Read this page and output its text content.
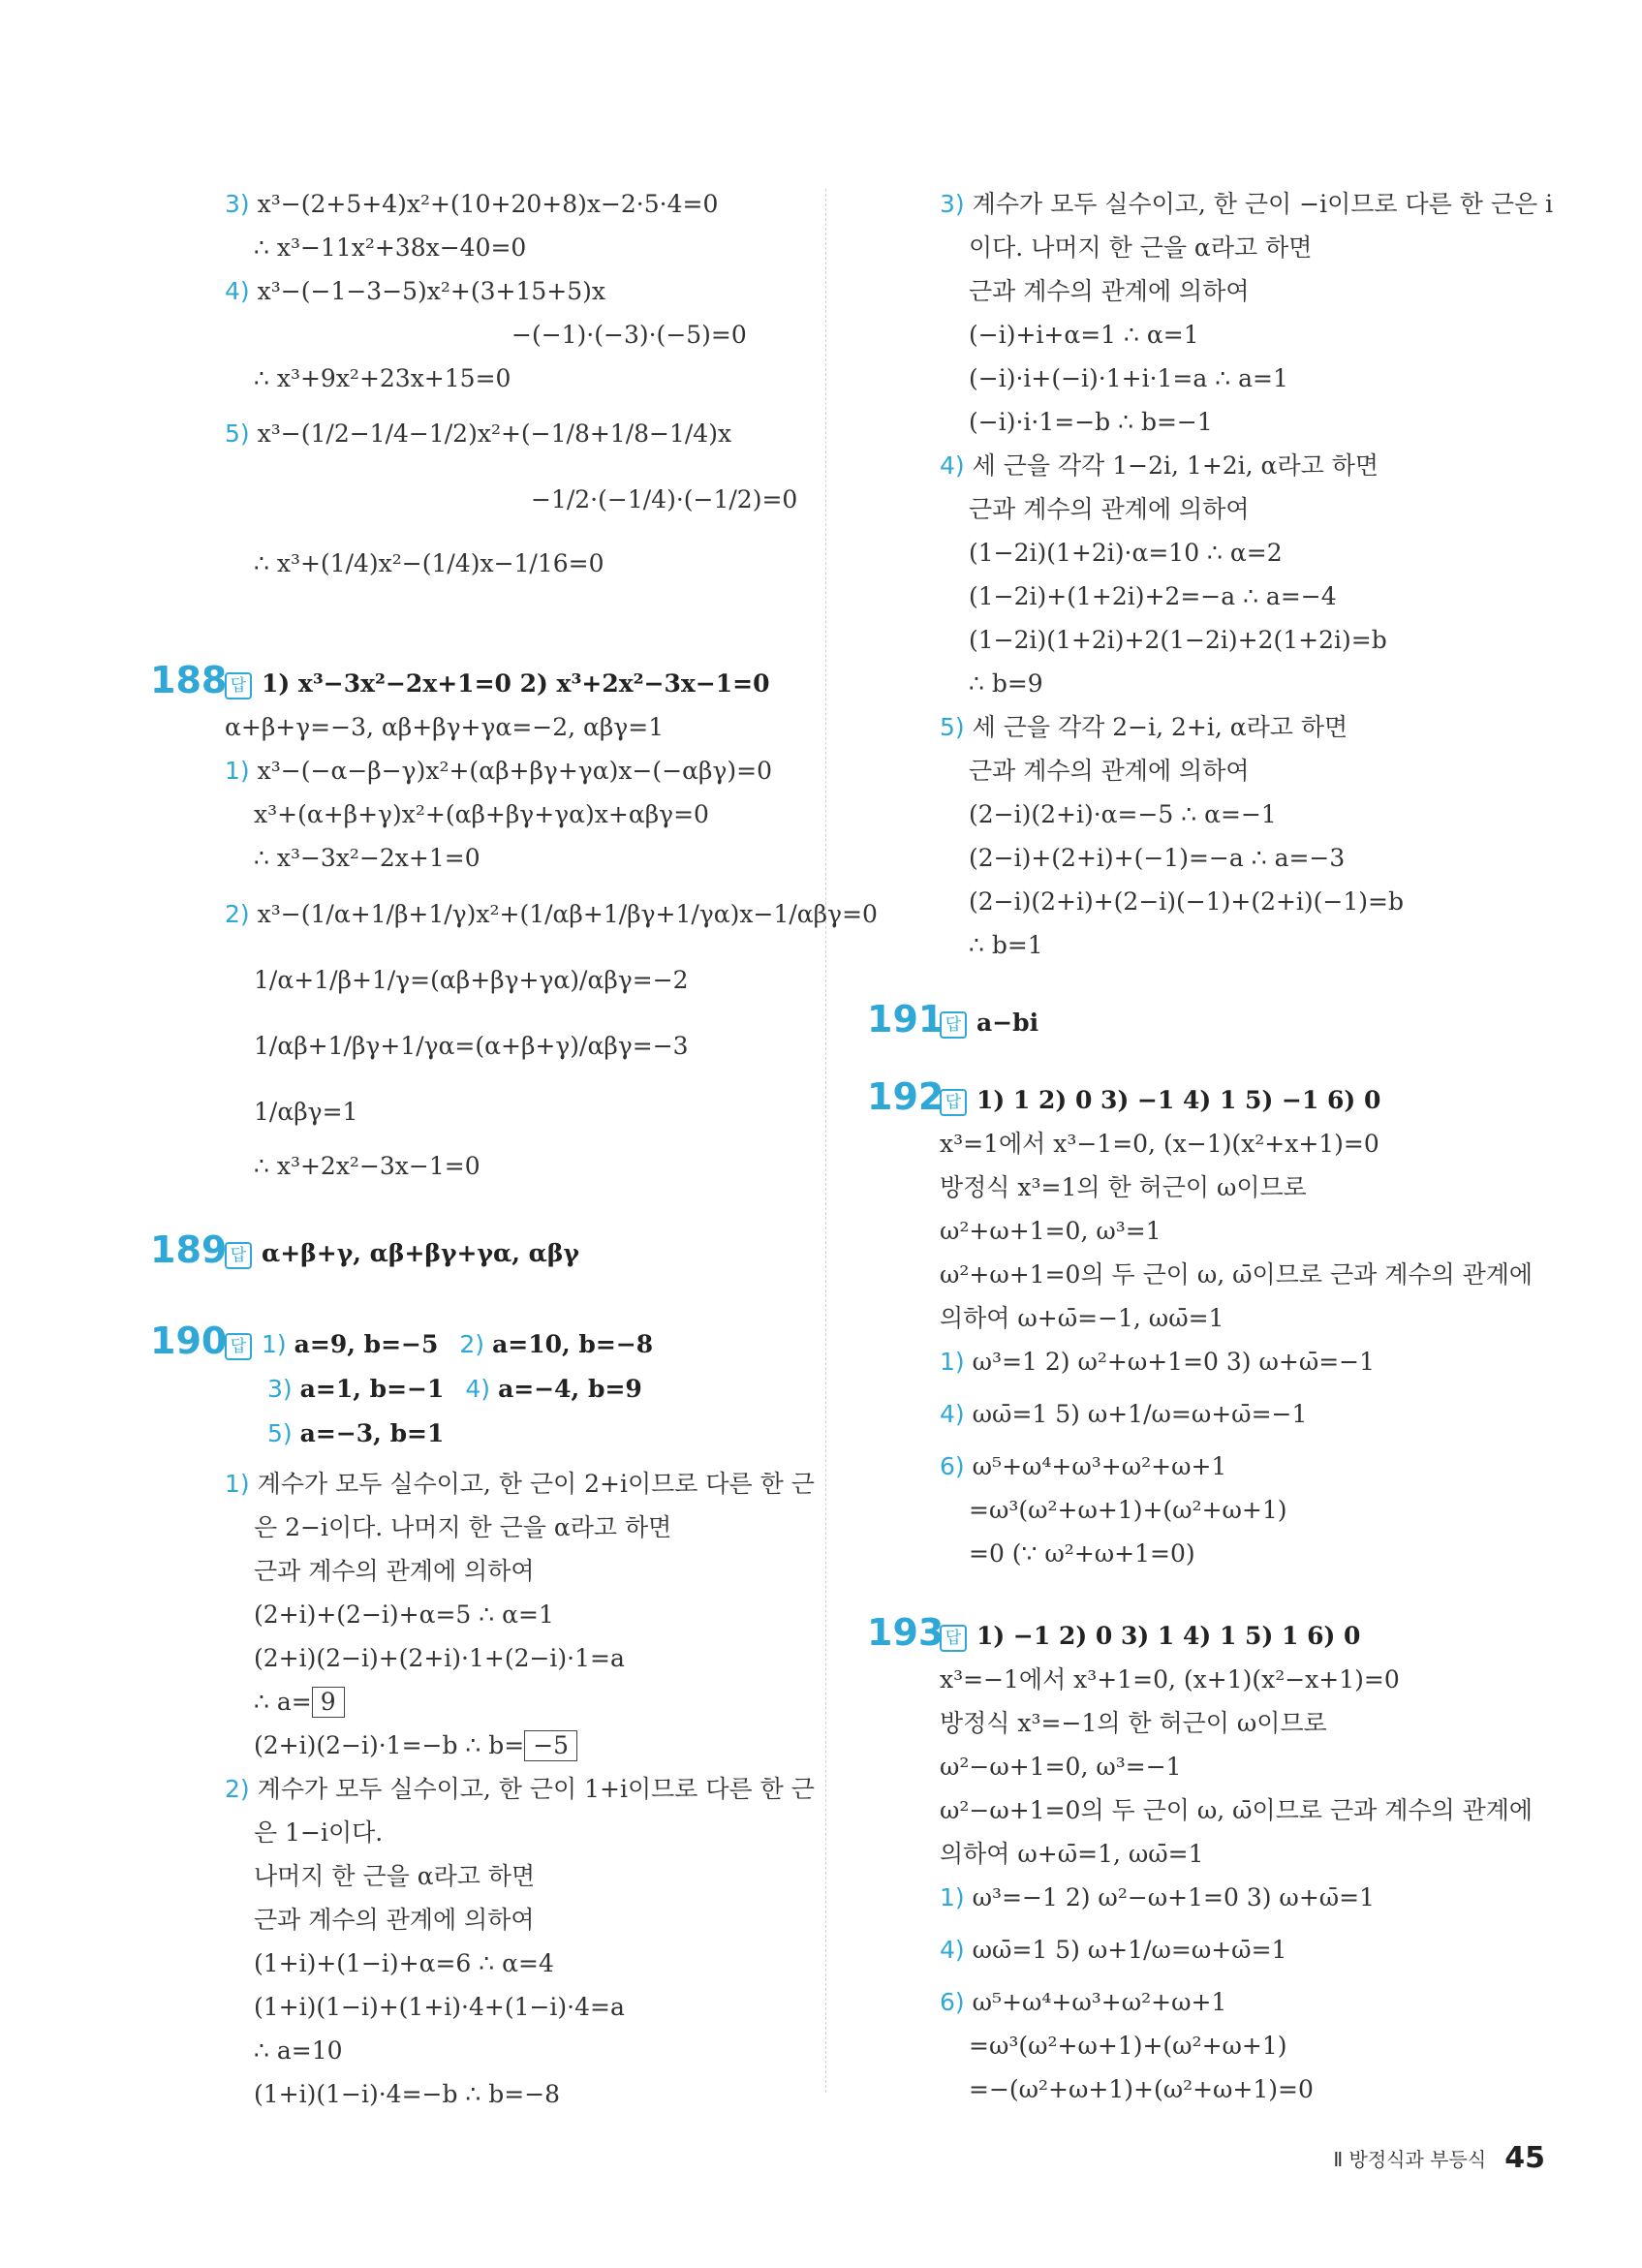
3) x³−(2+5+4)x²+(10+20+8)x−2·5·4=0
∴ x³−11x²+38x−40=0
4) x³−(−1−3−5)x²+(3+15+5)x
−(−1)·(−3)·(−5)=0
∴ x³+9x²+23x+15=0
5) x³−(1/2−1/4−1/2)x²+(−1/8+1/8−1/4)x
−1/2·(−1/4)·(−1/2)=0
∴ x³+(1/4)x²−(1/4)x−1/16=0
188 답 1) x³−3x²−2x+1=0 2) x³+2x²−3x−1=0
α+β+γ=−3, αβ+βγ+γα=−2, αβγ=1
1) x³−(−α−β−γ)x²+(αβ+βγ+γα)x−(−αβγ)=0
x³+(α+β+γ)x²+(αβ+βγ+γα)x+αβγ=0
∴ x³−3x²−2x+1=0
2) x³−(1/α+1/β+1/γ)x²+(1/αβ+1/βγ+1/γα)x−1/αβγ=0
1/α+1/β+1/γ=(αβ+βγ+γα)/αβγ=−2
1/αβ+1/βγ+1/γα=(α+β+γ)/αβγ=−3
1/αβγ=1
∴ x³+2x²−3x−1=0
189 답 α+β+γ, αβ+βγ+γα, αβγ
190 답 1) a=9, b=−5 2) a=10, b=−8
3) a=1, b=−1 4) a=−4, b=9
5) a=−3, b=1
1) 계수가 모두 실수이고, 한 근이 2+i이므로 다른 한 근
은 2−i이다. 나머지 한 근을 α라고 하면
근과 계수의 관계에 의하여
(2+i)+(2−i)+α=5 ∴ α=1
(2+i)(2−i)+(2+i)·1+(2−i)·1=a
∴ a= 9
(2+i)(2−i)·1=−b ∴ b= −5
2) 계수가 모두 실수이고, 한 근이 1+i이므로 다른 한 근
은 1−i이다.
나머지 한 근을 α라고 하면
근과 계수의 관계에 의하여
(1+i)+(1−i)+α=6 ∴ α=4
(1+i)(1−i)+(1+i)·4+(1−i)·4=a
∴ a=10
(1+i)(1−i)·4=−b ∴ b=−8
3) 계수가 모두 실수이고, 한 근이 −i이므로 다른 한 근은 i
이다. 나머지 한 근을 α라고 하면
근과 계수의 관계에 의하여
(−i)+i+α=1 ∴ α=1
(−i)·i+(−i)·1+i·1=a ∴ a=1
(−i)·i·1=−b ∴ b=−1
4) 세 근을 각각 1−2i, 1+2i, α라고 하면
근과 계수의 관계에 의하여
(1−2i)(1+2i)·α=10 ∴ α=2
(1−2i)+(1+2i)+2=−a ∴ a=−4
(1−2i)(1+2i)+2(1−2i)+2(1+2i)=b
∴ b=9
5) 세 근을 각각 2−i, 2+i, α라고 하면
근과 계수의 관계에 의하여
(2−i)(2+i)·α=−5 ∴ α=−1
(2−i)+(2+i)+(−1)=−a ∴ a=−3
(2−i)(2+i)+(2−i)(−1)+(2+i)(−1)=b
∴ b=1
191 답 a−bi
192 답 1) 1 2) 0 3) −1 4) 1 5) −1 6) 0
x³=1에서 x³−1=0, (x−1)(x²+x+1)=0
방정식 x³=1의 한 허근이 ω이므로
ω²+ω+1=0, ω³=1
ω²+ω+1=0의 두 근이 ω, ω̄이므로 근과 계수의 관계에
의하여 ω+ω̄=−1, ωω̄=1
1) ω³=1 2) ω²+ω+1=0 3) ω+ω̄=−1
4) ωω̄=1 5) ω+1/ω=ω+ω̄=−1
6) ω⁵+ω⁴+ω³+ω²+ω+1
=ω³(ω²+ω+1)+(ω²+ω+1)
=0 (∵ ω²+ω+1=0)
193 답 1) −1 2) 0 3) 1 4) 1 5) 1 6) 0
x³=−1에서 x³+1=0, (x+1)(x²−x+1)=0
방정식 x³=−1의 한 허근이 ω이므로
ω²−ω+1=0, ω³=−1
ω²−ω+1=0의 두 근이 ω, ω̄이므로 근과 계수의 관계에
의하여 ω+ω̄=1, ωω̄=1
1) ω³=−1 2) ω²−ω+1=0 3) ω+ω̄=1
4) ωω̄=1 5) ω+1/ω=ω+ω̄=1
6) ω⁵+ω⁴+ω³+ω²+ω+1
=ω³(ω²+ω+1)+(ω²+ω+1)
=−(ω²+ω+1)+(ω²+ω+1)=0
Ⅱ 방정식과 부등식 45
